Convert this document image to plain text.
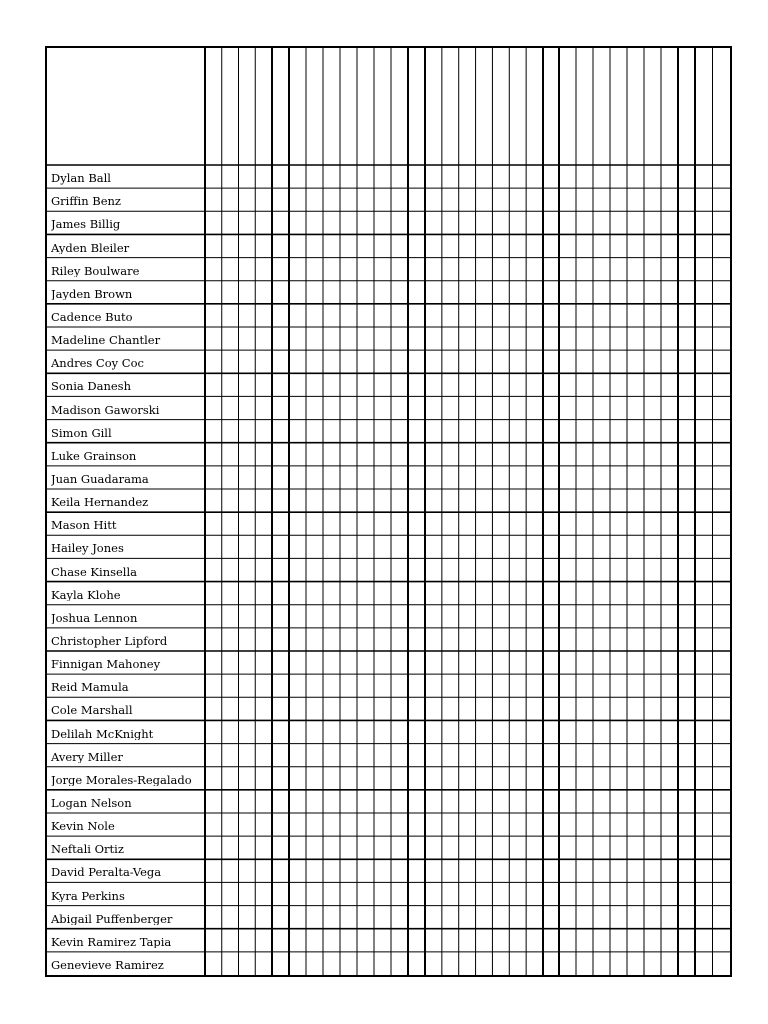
Dylan Ball
Griffin Benz
James Billig
Ayden Bleiler
Riley Boulware
Jayden Brown
Cadence Buto
Madeline Chantler
Andres Coy Coc
Sonia Danesh
Madison Gaworski
Simon Gill
Luke Grainson
Juan Guadarama
Keila Hernandez
Mason Hitt
Hailey Jones
Chase Kinsella
Kayla Klohe
Joshua Lennon
Christopher Lipford
Finnigan Mahoney
Reid Mamula
Cole Marshall
Delilah McKnight
Avery Miller
Jorge Morales-Regalado
Logan Nelson
Kevin Nole
Neftali Ortiz
David Peralta-Vega
Kyra Perkins
Abigail Puffenberger
Kevin Ramirez Tapia
Genevieve Ramirez
